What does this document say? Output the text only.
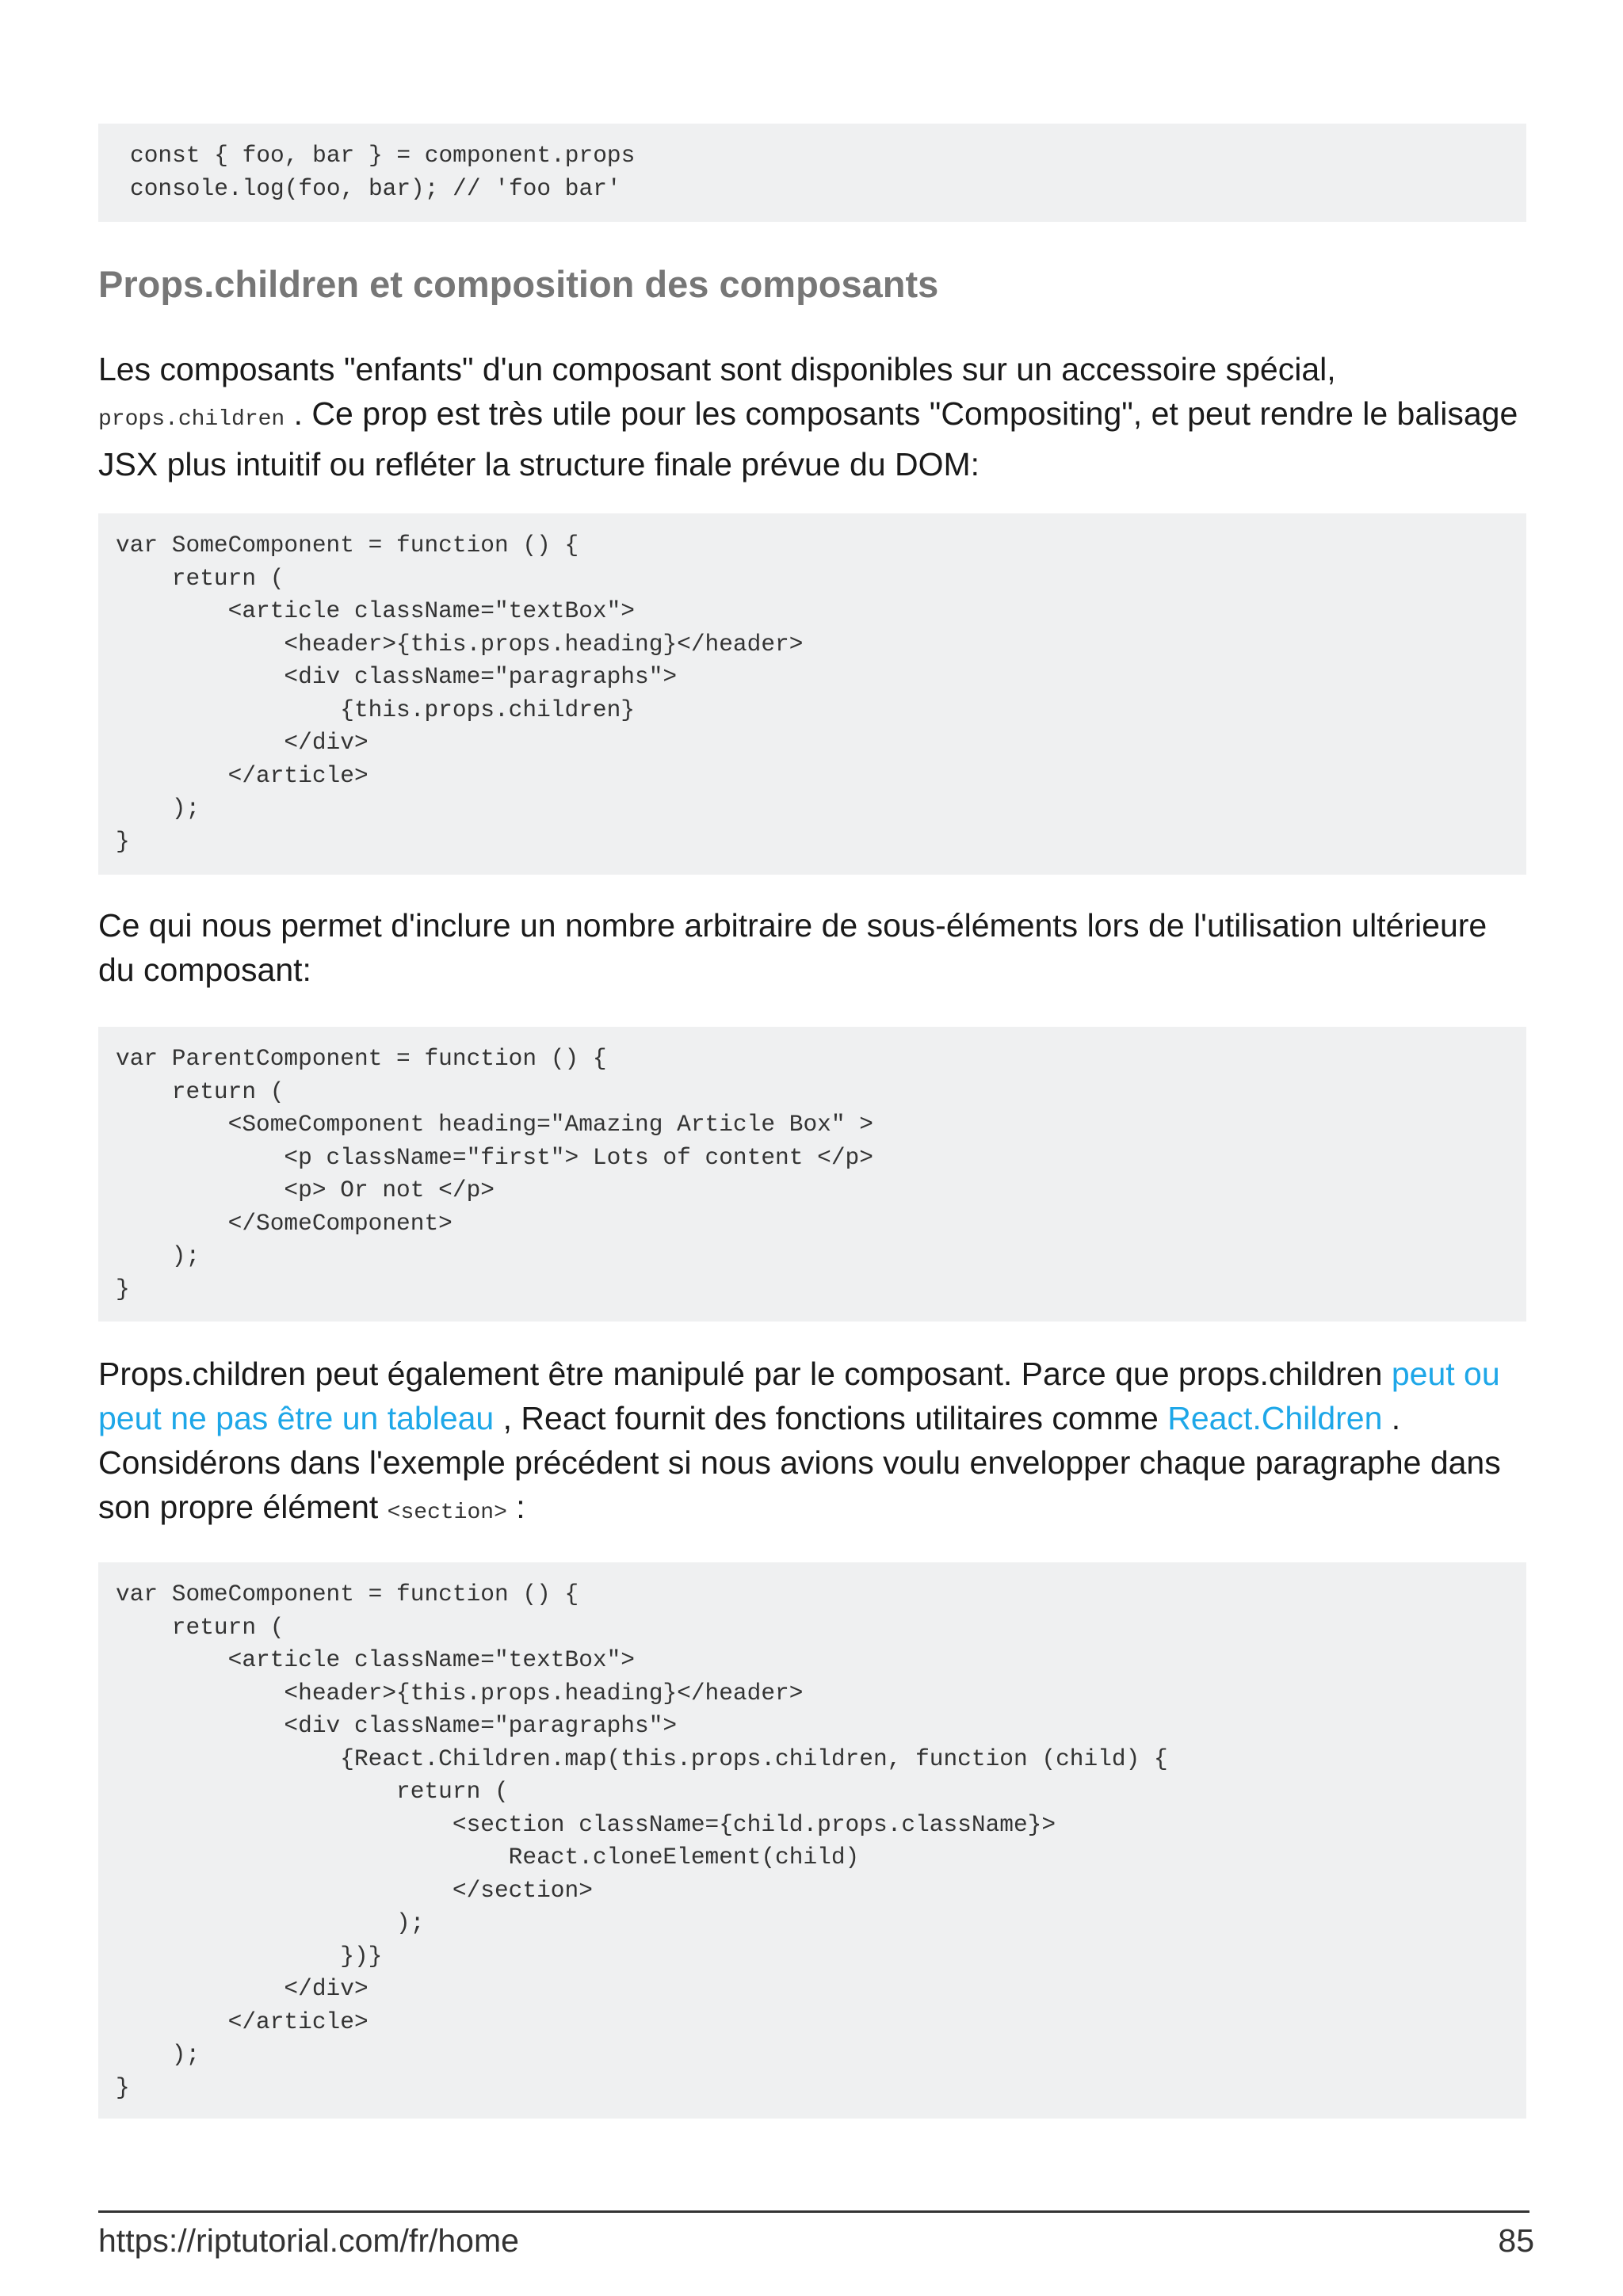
const { foo, bar } = component.props
console.log(foo, bar); // 'foo bar'
Props.children et composition des composants

Les composants "enfants" d'un composant sont disponibles sur un accessoire spécial,
props.children . Ce prop est très utile pour les composants "Compositing", et peut rendre le balisage JSX plus intuitif ou refléter la structure finale prévue du DOM:

var SomeComponent = function () {
return (
<article className="textBox">
<header>{this.props.heading}</header>
<div className="paragraphs">
{this.props.children}
</div>
</article>
);
}

Ce qui nous permet d'inclure un nombre arbitraire de sous-éléments lors de l'utilisation ultérieure du composant:

var ParentComponent = function () {
return (
<SomeComponent heading="Amazing Article Box" >
<p className="first"> Lots of content </p>
<p> Or not </p>
</SomeComponent>
);
}

Props.children peut également être manipulé par le composant. Parce que props.children peut ou peut ne pas être un tableau , React fournit des fonctions utilitaires comme React.Children . Considérons dans l'exemple précédent si nous avions voulu envelopper chaque paragraphe dans son propre élément <section> :

var SomeComponent = function () {
return (
<article className="textBox">
<header>{this.props.heading}</header>
<div className="paragraphs">
{React.Children.map(this.props.children, function (child) {
return (
<section className={child.props.className}>
React.cloneElement(child)
</section>
);
})}
</div>
</article>
);
}
https://riptutorial.com/fr/home	85
